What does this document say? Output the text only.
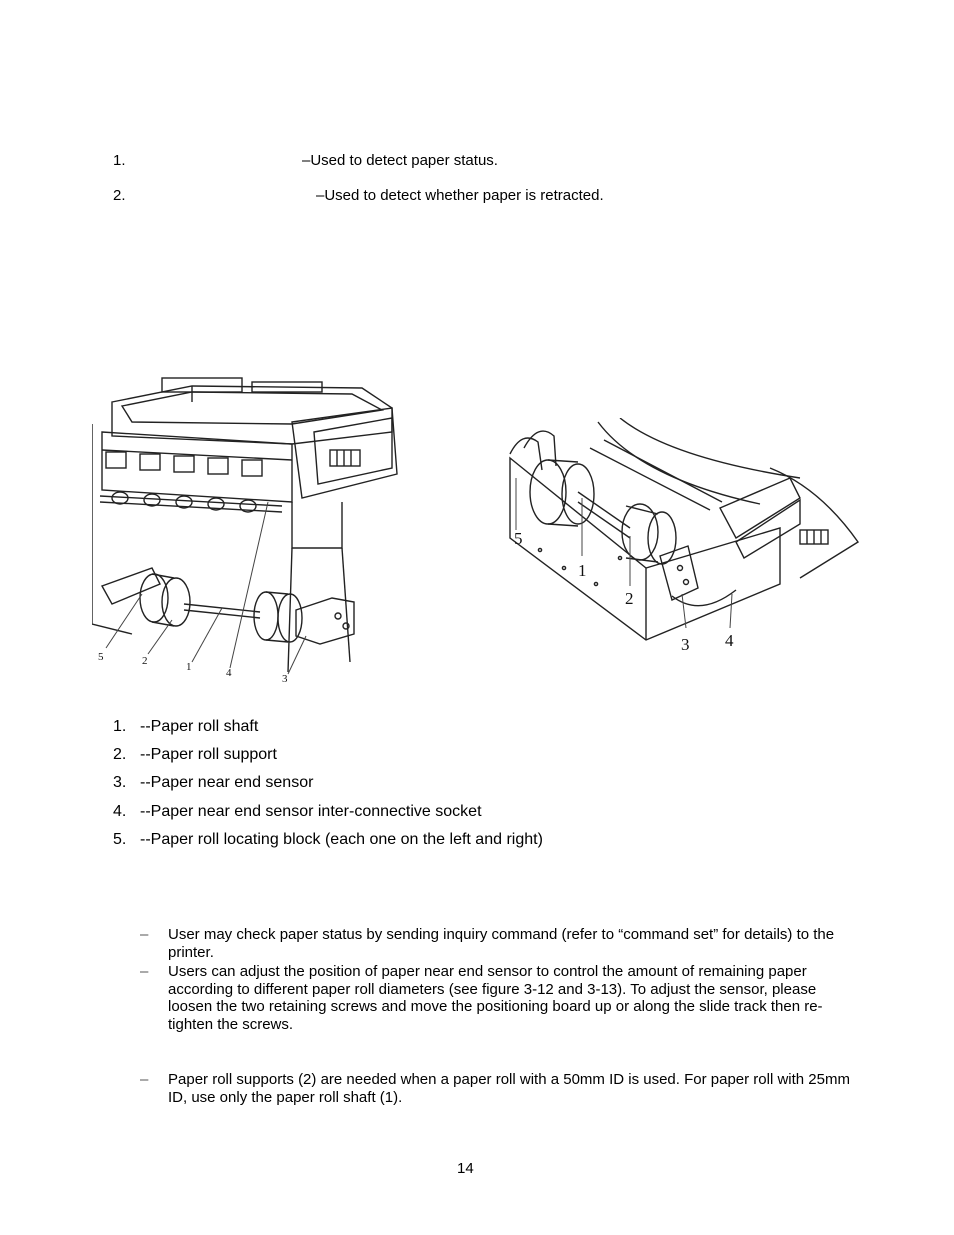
1.	–Used to detect paper status.
2.	–Used to detect whether paper is retracted.
5	2	1	4	3
5
1
2
3 4
1. --Paper roll shaft
2. --Paper roll support
3. --Paper near end sensor
4. --Paper near end sensor inter-connective socket
5. --Paper roll locating block (each one on the left and right)
– User may check paper status by sending inquiry command (refer to “command set” for details) to the printer.
– Users can adjust the position of paper near end sensor to control the amount of remaining paper according to different paper roll diameters (see figure 3-12 and 3-13). To adjust the sensor, please loosen the two retaining screws and move the positioning board up or along the slide track then re-tighten the screws.
– Paper roll supports (2) are needed when a paper roll with a 50mm ID is used. For paper roll with 25mm ID, use only the paper roll shaft (1).
14
